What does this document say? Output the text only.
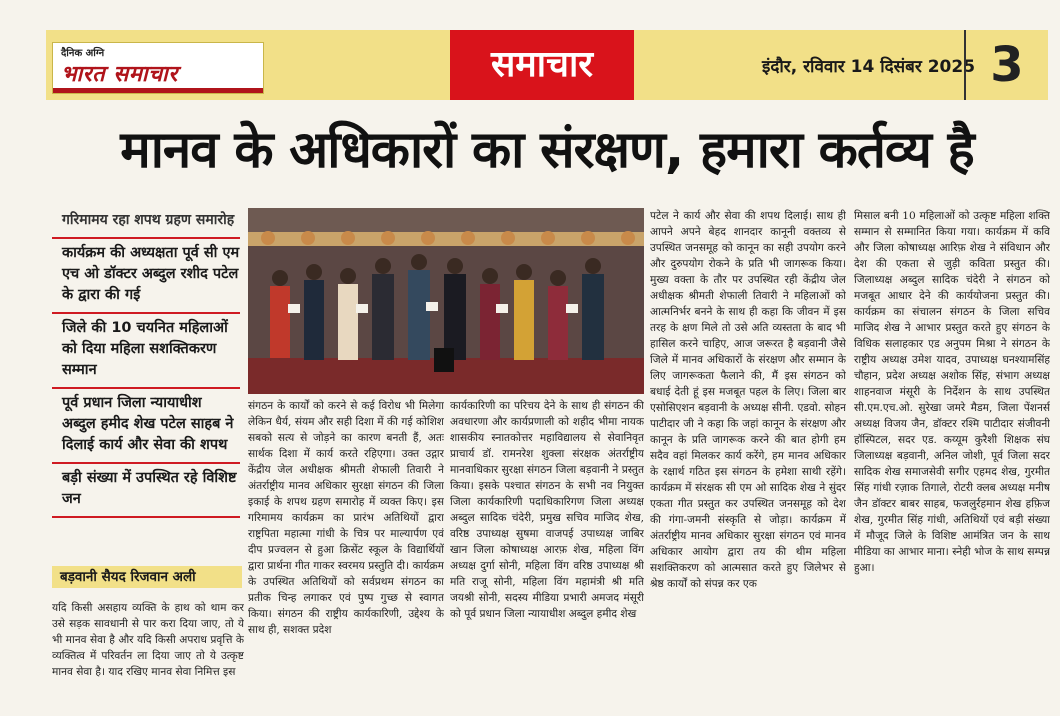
दैनिक अग्नि
भारत समाचार	समाचार	इंदौर, रविवार 14 दिसंबर 2025 3
मानव के अधिकारों का संरक्षण, हमारा कर्तव्य है
गरिमामय रहा शपथ ग्रहण समारोह
कार्यक्रम की अध्यक्षता पूर्व सी एम एच ओ डॉक्टर अब्दुल रशीद पटेल के द्वारा की गई
जिले की 10 चयनित महिलाओं को दिया महिला सशक्तिकरण सम्मान
पूर्व प्रधान जिला न्यायाधीश अब्दुल हमीद शेख पटेल साहब ने दिलाई कार्य और सेवा की शपथ
बड़ी संख्या में उपस्थित रहे विशिष्ट जन
बड़वानी सैयद रिजवान अली

यदि किसी असहाय व्यक्ति के हाथ को थाम कर उसे सड़क सावधानी से पार करा दिया जाए, तो ये भी मानव सेवा है और यदि किसी अपराध प्रवृत्ति के व्यक्तित्व में परिवर्तन ला दिया जाए तो ये उत्कृष्ट मानव सेवा है। याद रखिए मानव सेवा निमित्त इस

संगठन के कार्यों को करने से कई विरोध भी मिलेगा लेकिन धैर्य, संयम और सही दिशा में की गई कोशिश सबको सत्य से जोड़ने का कारण बनती हैं, अतः सार्थक दिशा में कार्य करते रहिएगा। उक्त उद्गार केंद्रीय जेल अधीक्षक श्रीमती शेफाली तिवारी ने अंतर्राष्ट्रीय मानव अधिकार सुरक्षा संगठन की जिला इकाई के शपथ ग्रहण समारोह में व्यक्त किए। इस गरिमामय कार्यक्रम का प्रारंभ अतिथियों द्वारा राष्ट्रपिता महात्मा गांधी के चित्र पर माल्यार्पण एवं दीप प्रज्वलन से हुआ क्रिसेंट स्कूल के विद्यार्थियों द्वारा प्रार्थना गीत गाकर स्वरमय प्रस्तुति दी। कार्यक्रम के उपस्थित अतिथियों को सर्वप्रथम संगठन का प्रतीक चिन्ह लगाकर एवं पुष्प गुच्छ से स्वागत किया। संगठन की राष्ट्रीय कार्यकारिणी, उद्देश्य के साथ ही, सशक्त प्रदेश

कार्यकारिणी का परिचय देने के साथ ही संगठन की अवधारणा और कार्यप्रणाली को शहीद भीमा नायक शासकीय स्नातकोत्तर महाविद्यालय से सेवानिवृत प्राचार्य डॉ. रामनरेश शुक्ला संरक्षक अंतर्राष्ट्रीय मानवाधिकार सुरक्षा संगठन जिला बड़वानी ने प्रस्तुत किया। इसके पश्चात संगठन के सभी नव नियुक्त जिला कार्यकारिणी पदाधिकारिगण जिला अध्यक्ष अब्दुल सादिक चंदेरी, प्रमुख सचिव माजिद शेख, वरिष्ठ उपाध्यक्ष सुषमा वाजपई उपाध्यक्ष जाबिर खान जिला कोषाध्यक्ष आरफ़ शेख, महिला विंग अध्यक्ष दुर्गा सोनी, महिला विंग वरिष्ठ उपाध्यक्ष श्री मति राजू सोनी, महिला विंग महामंत्री श्री मति जयश्री सोनी, सदस्य मीडिया प्रभारी अमजद मंसूरी को पूर्व प्रधान जिला न्यायाधीश अब्दुल हमीद शेख

पटेल ने कार्य और सेवा की शपथ दिलाई। साथ ही आपने अपने बेहद शानदार कानूनी वक्तव्य से उपस्थित जनसमूह को कानून का सही उपयोग करने और दुरुपयोग रोकने के प्रति भी जागरूक किया। मुख्य वक्ता के तौर पर उपस्थित रही केंद्रीय जेल अधीक्षक श्रीमती शेफाली तिवारी ने महिलाओं को आत्मनिर्भर बनने के साथ ही कहा कि जीवन में इस तरह के क्षण मिले तो उसे अति व्यस्तता के बाद भी हासिल करने चाहिए, आज जरूरत है बड़वानी जैसे जिले में मानव अधिकारों के संरक्षण और सम्मान के लिए जागरूकता फैलाने की, मैं इस संगठन को बधाई देती हूं इस मजबूत पहल के लिए। जिला बार एसोसिएशन बड़वानी के अध्यक्ष सीनी. एडवो. सोहन पाटीदार जी ने कहा कि जहां कानून के संरक्षण और कानून के प्रति जागरूक करने की बात होगी हम सदैव वहां मिलकर कार्य करेंगे, हम मानव अधिकार के रक्षार्थ गठित इस संगठन के हमेशा साथी रहेंगे। कार्यक्रम में संरक्षक सी एम ओ सादिक शेख ने सुंदर एकता गीत प्रस्तुत कर उपस्थित जनसमूह को देश की गंगा-जमनी संस्कृति से जोड़ा। कार्यक्रम में अंतर्राष्ट्रीय मानव अधिकार सुरक्षा संगठन एवं मानव अधिकार आयोग द्वारा तय की थीम महिला सशक्तिकरण को आत्मसात करते हुए जिलेभर से श्रेष्ठ कार्यों को संपन्न कर एक

मिसाल बनी 10 महिलाओं को उत्कृष्ट महिला शक्ति सम्मान से सम्मानित किया गया। कार्यक्रम में कवि और जिला कोषाध्यक्ष आरिफ़ शेख ने संविधान और देश की एकता से जुड़ी कविता प्रस्तुत की। जिलाध्यक्ष अब्दुल सादिक चंदेरी ने संगठन को मजबूत आधार देने की कार्ययोजना प्रस्तुत की। कार्यक्रम का संचालन संगठन के जिला सचिव माजिद शेख ने आभार प्रस्तुत करते हुए संगठन के विधिक सलाहकार एड अनुपम मिश्रा ने संगठन के राष्ट्रीय अध्यक्ष उमेश यादव, उपाध्यक्ष घनश्यामसिंह चौहान, प्रदेश अध्यक्ष अशोक सिंह, संभाग अध्यक्ष शाहनवाज मंसूरी के निर्देशन के साथ उपस्थित सी.एम.एच.ओ. सुरेखा जमरे मैडम, जिला पेंशनर्स अध्यक्ष विजय जैन, डॉक्टर रश्मि पाटीदार संजीवनी हॉस्पिटल, सदर एड. कय्यूम कुरैशी शिक्षक संघ जिलाध्यक्ष बड़वानी, अनिल जोशी, पूर्व जिला सदर सादिक शेख समाजसेवी सगीर एहमद शेख, गुरमीत सिंह गांधी रज़ाक तिगाले, रोटरी क्लब अध्यक्ष मनीष जैन डॉक्टर बाबर साहब, फजलुर्रहमान शेख हफ़िज शेख, गुरमीत सिंह गांधी, अतिथियों एवं बड़ी संख्या में मौजूद जिले के विशिष्ट आमंत्रित जन के साथ मीडिया का आभार माना। स्नेही भोज के साथ सम्पन्न हुआ।
